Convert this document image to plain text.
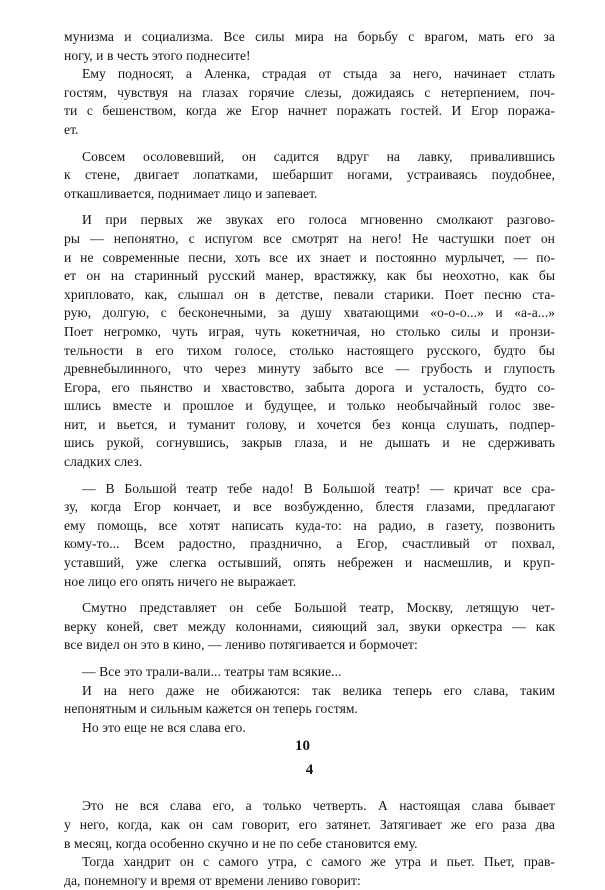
мунизма и социализма. Все силы мира на борьбу с врагом, мать его за
ногу, и в честь этого поднесите!
Ему подносят, а Аленка, страдая от стыда за него, начинает стлать
гостям, чувствуя на глазах горячие слезы, дожидаясь с нетерпением, поч-
ти с бешенством, когда же Егор начнет поражать гостей. И Егор поража-
ет.
Совсем осоловевший, он садится вдруг на лавку, привалившись
к стене, двигает лопатками, шебаршит ногами, устраиваясь поудобнее,
откашливается, поднимает лицо и запевает.
И при первых же звуках его голоса мгновенно смолкают разгово-
ры — непонятно, с испугом все смотрят на него! Не частушки поет он
и не современные песни, хоть все их знает и постоянно мурлычет, — по-
ет он на старинный русский манер, врастяжку, как бы неохотно, как бы
хрипловато, как, слышал он в детстве, певали старики. Поет песню ста-
рую, долгую, с бесконечными, за душу хватающими «о-о-о...» и «а-а...»
Поет негромко, чуть играя, чуть кокетничая, но столько силы и пронзи-
тельности в его тихом голосе, столько настоящего русского, будто бы
древнебылинного, что через минуту забыто все — грубость и глупость
Егора, его пьянство и хвастовство, забыта дорога и усталость, будто со-
шлись вместе и прошлое и будущее, и только необычайный голос зве-
нит, и вьется, и туманит голову, и хочется без конца слушать, подпер-
шись рукой, согнувшись, закрыв глаза, и не дышать и не сдерживать
сладких слез.
— В Большой театр тебе надо! В Большой театр! — кричат все сра-
зу, когда Егор кончает, и все возбужденно, блестя глазами, предлагают
ему помощь, все хотят написать куда-то: на радио, в газету, позвонить
кому-то... Всем радостно, празднично, а Егор, счастливый от похвал,
уставший, уже слегка остывший, опять небрежен и насмешлив, и круп-
ное лицо его опять ничего не выражает.
Смутно представляет он себе Большой театр, Москву, летящую чет-
верку коней, свет между колоннами, сияющий зал, звуки оркестра — как
все видел он это в кино, — лениво потягивается и бормочет:
— Все это трали-вали... театры там всякие...
И на него даже не обижаются: так велика теперь его слава, таким
непонятным и сильным кажется он теперь гостям.
Но это еще не вся слава его.
4
Это не вся слава его, а только четверть. А настоящая слава бывает
у него, когда, как он сам говорит, его затянет. Затягивает же его раза два
в месяц, когда особенно скучно и не по себе становится ему.
Тогда хандрит он с самого утра, с самого же утра и пьет. Пьет, прав-
да, понемногу и время от времени лениво говорит:
10
